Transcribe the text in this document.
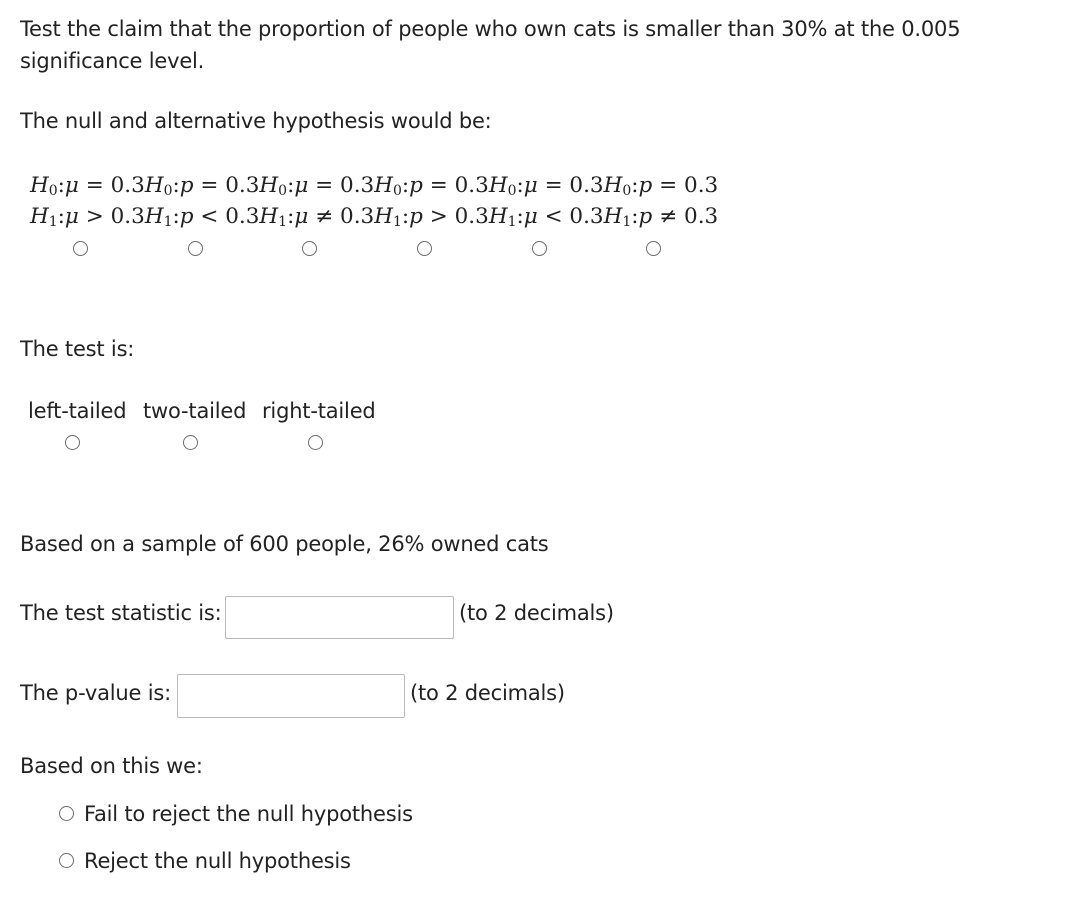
Test the claim that the proportion of people who own cats is smaller than 30% at the 0.005 significance level.

The null and alternative hypothesis would be:
$H_0:\mu = 0.3$
$H_1:\mu > 0.3$

$H_0:p = 0.3$
$H_1:p < 0.3$

$H_0:\mu = 0.3$
$H_1:\mu \ne 0.3$

$H_0:p = 0.3$
$H_1:p > 0.3$

$H_0:\mu = 0.3$
$H_1:\mu < 0.3$

$H_0:p = 0.3$
$H_1:p \ne 0.3$
The test is:
left-tailed two-tailed right-tailed
Based on a sample of 600 people, 26% owned cats
The test statistic is:	(to 2 decimals)
The p-value is:	(to 2 decimals)
Based on this we:
Fail to reject the null hypothesis
Reject the null hypothesis
